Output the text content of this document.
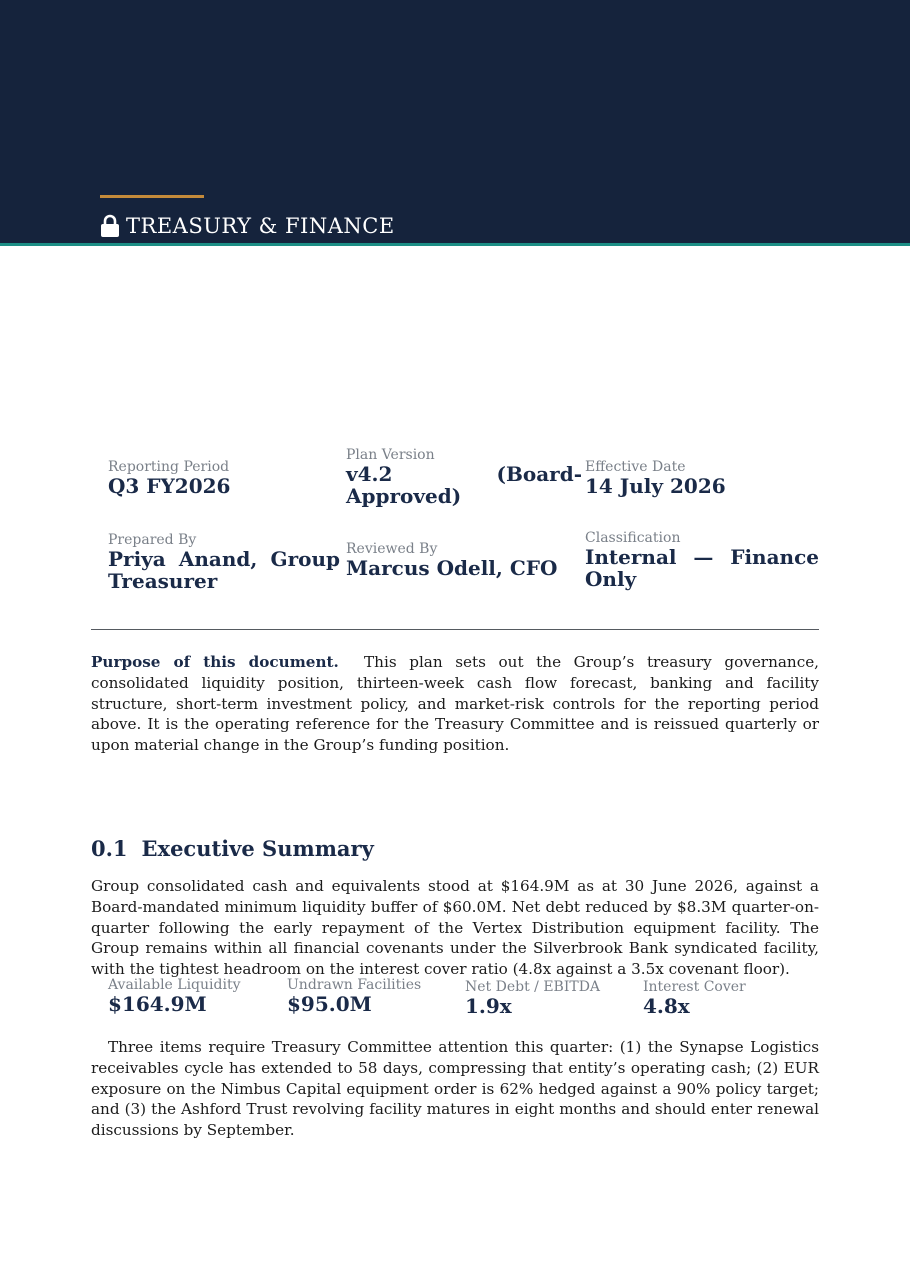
TREASURY & FINANCE
Reporting Period
Q3 FY2026
Plan Version
v4.2	(Board-
Approved)
Effective Date
14 July 2026
Prepared By
Priya Anand, Group
Treasurer
Reviewed By
Marcus Odell, CFO
Classification
Internal — Finance
Only

Purpose of this document. This plan sets out the Group’s treasury governance, consolidated liquidity position, thirteen-week cash flow forecast, banking and facility structure, short-term investment policy, and market-risk controls for the reporting period above. It is the operating reference for the Treasury Committee and is reissued quarterly or upon material change in the Group’s funding position.

0.1 Executive Summary

Group consolidated cash and equivalents stood at $164.9M as at 30 June 2026, against a Board-mandated minimum liquidity buffer of $60.0M. Net debt reduced by $8.3M quarter-on-quarter following the early repayment of the Vertex Distribution equipment facility. The Group remains within all financial covenants under the Silverbrook Bank syndicated facility, with the tightest headroom on the interest cover ratio (4.8x against a 3.5x covenant floor).

Available Liquidity
$164.9M
Undrawn Facilities
$95.0M
Net Debt / EBITDA
1.9x
Interest Cover
4.8x

Three items require Treasury Committee attention this quarter: (1) the Synapse Logistics receivables cycle has extended to 58 days, compressing that entity’s operating cash; (2) EUR exposure on the Nimbus Capital equipment order is 62% hedged against a 90% policy target; and (3) the Ashford Trust revolving facility matures in eight months and should enter renewal discussions by September.
